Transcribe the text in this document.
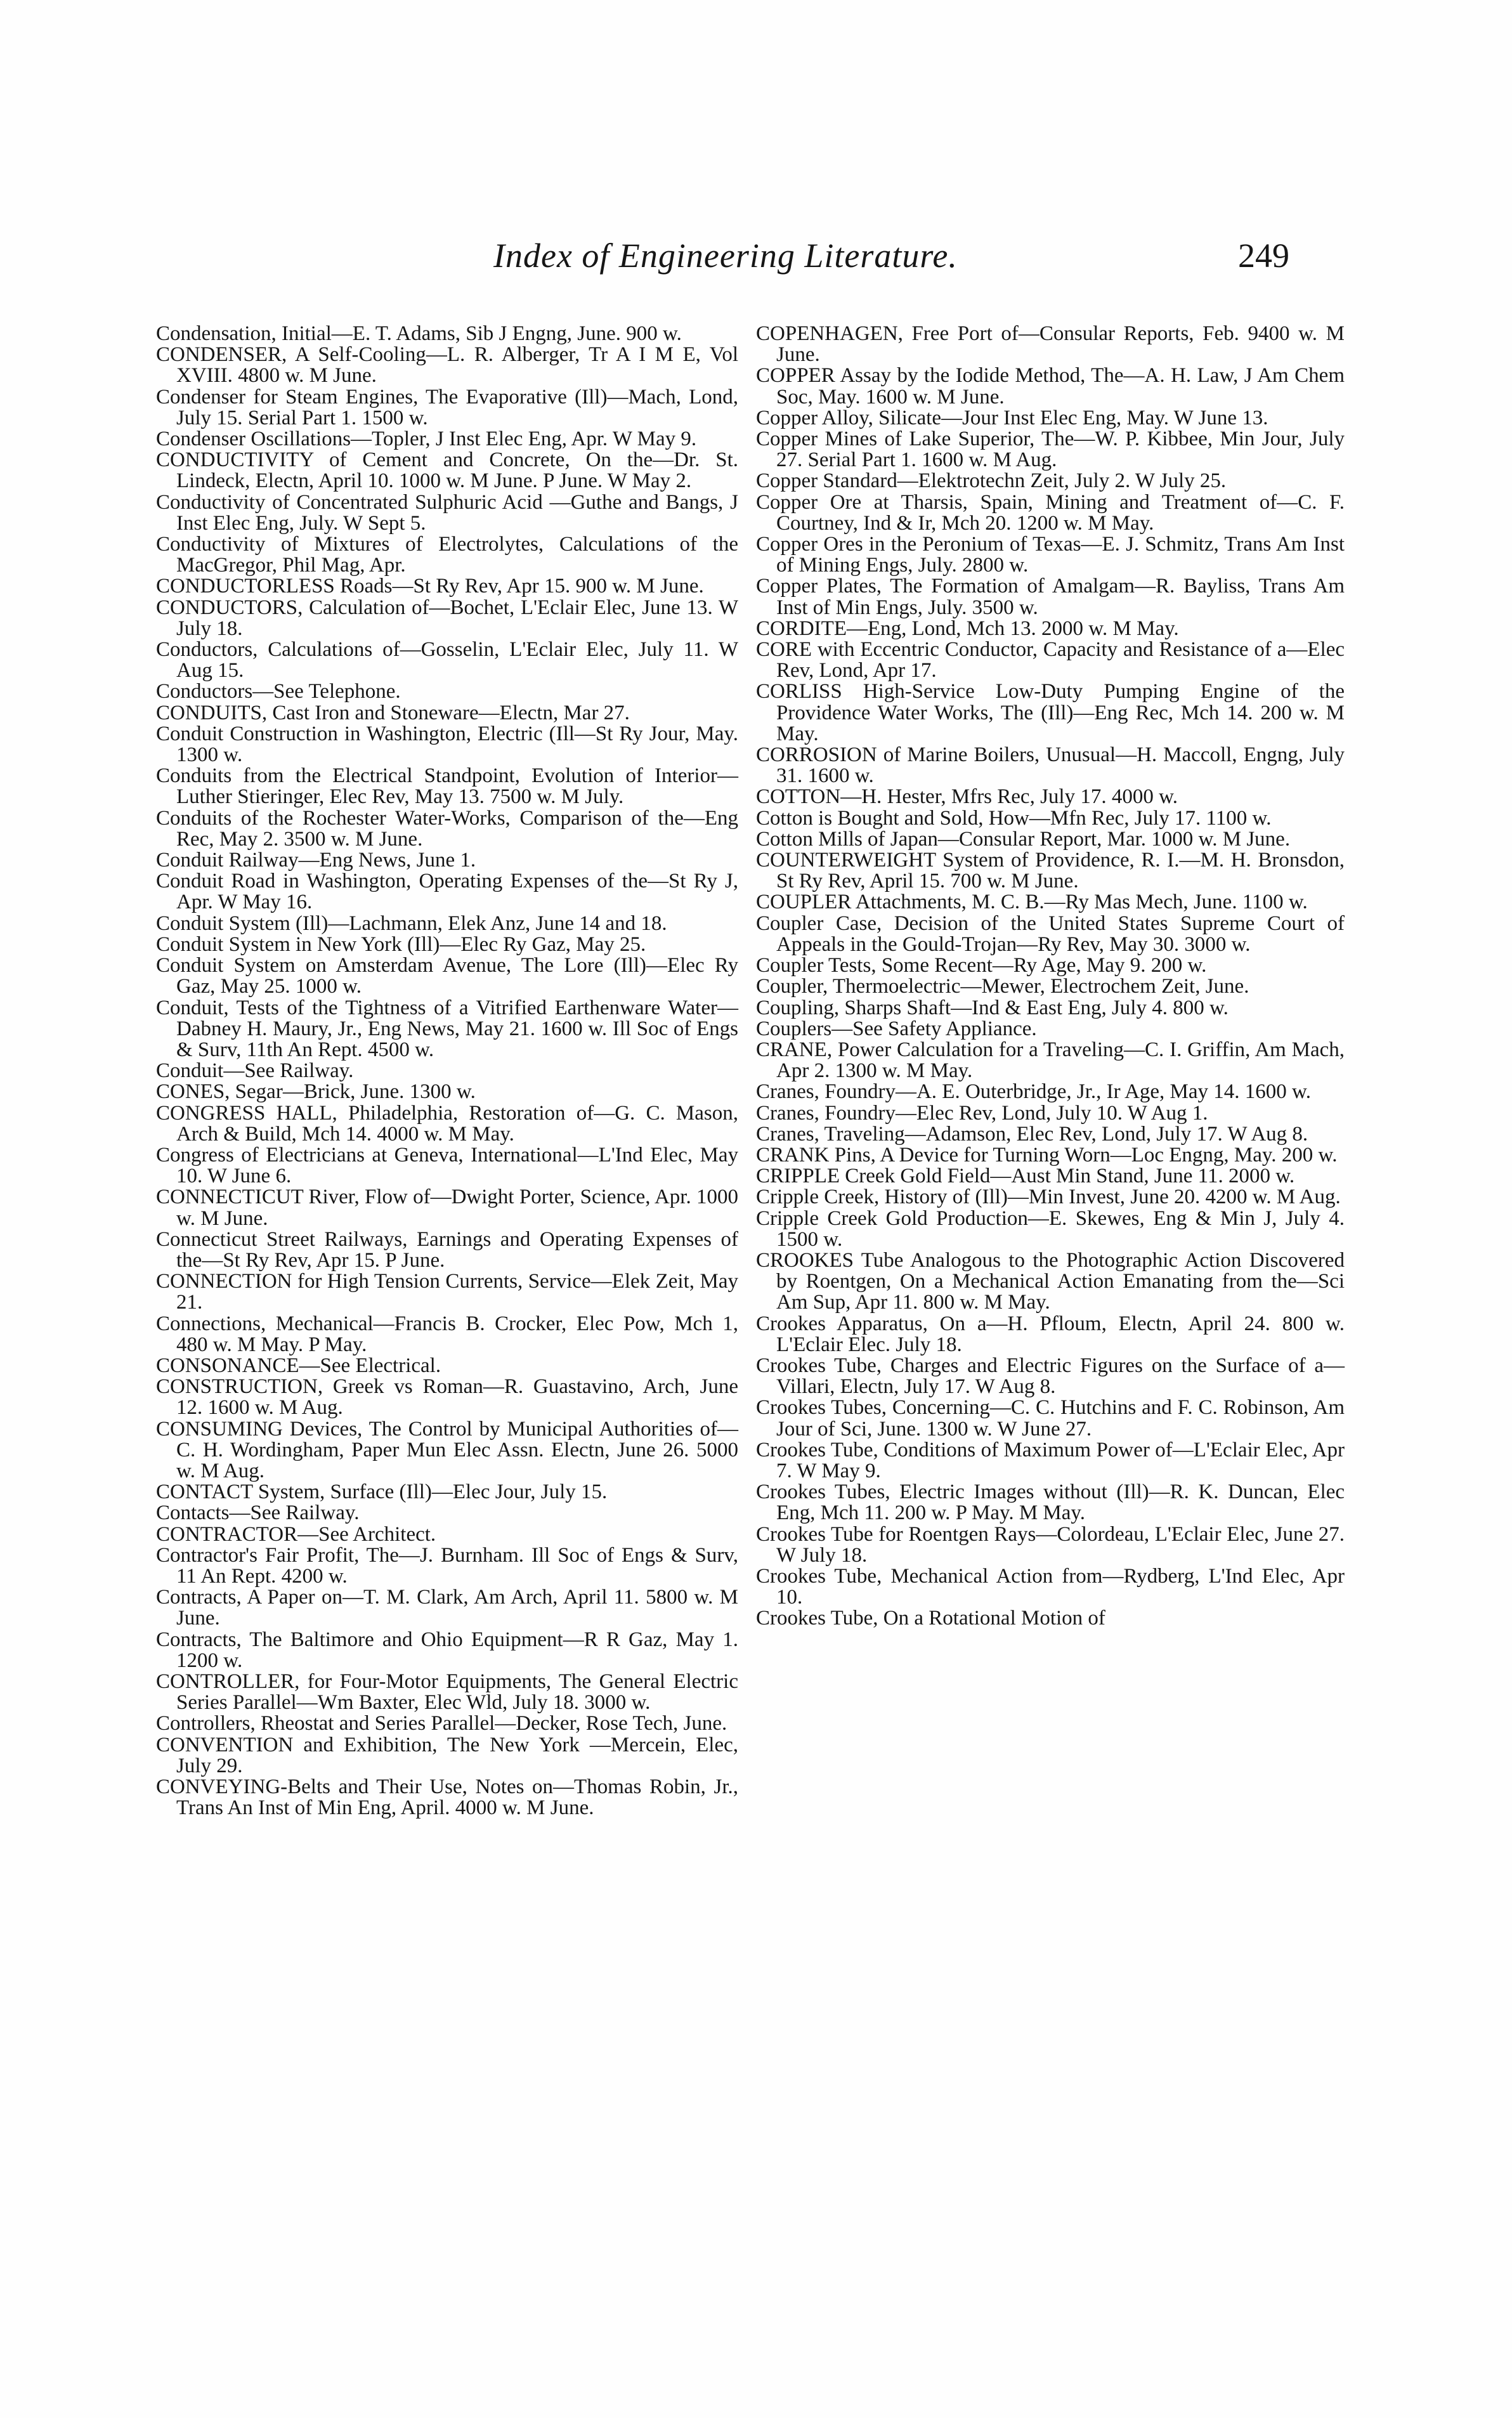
Index of Engineering Literature.	249

Condensation, Initial—E. T. Adams, Sib J Engng, June. 900 w.

CONDENSER, A Self-Cooling—L. R. Alberger, Tr A I M E, Vol XVIII. 4800 w. M June.

Condenser for Steam Engines, The Evaporative (Ill)—Mach, Lond, July 15. Serial Part 1. 1500 w.

Condenser Oscillations—Topler, J Inst Elec Eng, Apr. W May 9.

CONDUCTIVITY of Cement and Concrete, On the—Dr. St. Lindeck, Electn, April 10. 1000 w. M June. P June. W May 2.

Conductivity of Concentrated Sulphuric Acid —Guthe and Bangs, J Inst Elec Eng, July. W Sept 5.

Conductivity of Mixtures of Electrolytes, Calculations of the MacGregor, Phil Mag, Apr.

CONDUCTORLESS Roads—St Ry Rev, Apr 15. 900 w. M June.

CONDUCTORS, Calculation of—Bochet, L'Eclair Elec, June 13. W July 18.

Conductors, Calculations of—Gosselin, L'Eclair Elec, July 11. W Aug 15.

Conductors—See Telephone.

CONDUITS, Cast Iron and Stoneware—Electn, Mar 27.

Conduit Construction in Washington, Electric (Ill—St Ry Jour, May. 1300 w.

Conduits from the Electrical Standpoint, Evolution of Interior—Luther Stieringer, Elec Rev, May 13. 7500 w. M July.

Conduits of the Rochester Water-Works, Comparison of the—Eng Rec, May 2. 3500 w. M June.

Conduit Railway—Eng News, June 1.

Conduit Road in Washington, Operating Expenses of the—St Ry J, Apr. W May 16.

Conduit System (Ill)—Lachmann, Elek Anz, June 14 and 18.

Conduit System in New York (Ill)—Elec Ry Gaz, May 25.

Conduit System on Amsterdam Avenue, The Lore (Ill)—Elec Ry Gaz, May 25. 1000 w.

Conduit, Tests of the Tightness of a Vitrified Earthenware Water—Dabney H. Maury, Jr., Eng News, May 21. 1600 w. Ill Soc of Engs & Surv, 11th An Rept. 4500 w.

Conduit—See Railway.

CONES, Segar—Brick, June. 1300 w.

CONGRESS HALL, Philadelphia, Restoration of—G. C. Mason, Arch & Build, Mch 14. 4000 w. M May.

Congress of Electricians at Geneva, International—L'Ind Elec, May 10. W June 6.

CONNECTICUT River, Flow of—Dwight Porter, Science, Apr. 1000 w. M June.

Connecticut Street Railways, Earnings and Operating Expenses of the—St Ry Rev, Apr 15. P June.

CONNECTION for High Tension Currents, Service—Elek Zeit, May 21.

Connections, Mechanical—Francis B. Crocker, Elec Pow, Mch 1, 480 w. M May. P May.

CONSONANCE—See Electrical.

CONSTRUCTION, Greek vs Roman—R. Guastavino, Arch, June 12. 1600 w. M Aug.

CONSUMING Devices, The Control by Municipal Authorities of—C. H. Wordingham, Paper Mun Elec Assn. Electn, June 26. 5000 w. M Aug.

CONTACT System, Surface (Ill)—Elec Jour, July 15.

Contacts—See Railway.

CONTRACTOR—See Architect.

Contractor's Fair Profit, The—J. Burnham. Ill Soc of Engs & Surv, 11 An Rept. 4200 w.

Contracts, A Paper on—T. M. Clark, Am Arch, April 11. 5800 w. M June.

Contracts, The Baltimore and Ohio Equipment—R R Gaz, May 1. 1200 w.

CONTROLLER, for Four-Motor Equipments, The General Electric Series Parallel—Wm Baxter, Elec Wld, July 18. 3000 w.

Controllers, Rheostat and Series Parallel—Decker, Rose Tech, June.

CONVENTION and Exhibition, The New York —Mercein, Elec, July 29.

CONVEYING-Belts and Their Use, Notes on—Thomas Robin, Jr., Trans An Inst of Min Eng, April. 4000 w. M June.

COPENHAGEN, Free Port of—Consular Reports, Feb. 9400 w. M June.

COPPER Assay by the Iodide Method, The—A. H. Law, J Am Chem Soc, May. 1600 w. M June.

Copper Alloy, Silicate—Jour Inst Elec Eng, May. W June 13.

Copper Mines of Lake Superior, The—W. P. Kibbee, Min Jour, July 27. Serial Part 1. 1600 w. M Aug.

Copper Standard—Elektrotechn Zeit, July 2. W July 25.

Copper Ore at Tharsis, Spain, Mining and Treatment of—C. F. Courtney, Ind & Ir, Mch 20. 1200 w. M May.

Copper Ores in the Peronium of Texas—E. J. Schmitz, Trans Am Inst of Mining Engs, July. 2800 w.

Copper Plates, The Formation of Amalgam—R. Bayliss, Trans Am Inst of Min Engs, July. 3500 w.

CORDITE—Eng, Lond, Mch 13. 2000 w. M May.

CORE with Eccentric Conductor, Capacity and Resistance of a—Elec Rev, Lond, Apr 17.

CORLISS High-Service Low-Duty Pumping Engine of the Providence Water Works, The (Ill)—Eng Rec, Mch 14. 200 w. M May.

CORROSION of Marine Boilers, Unusual—H. Maccoll, Engng, July 31. 1600 w.

COTTON—H. Hester, Mfrs Rec, July 17. 4000 w.

Cotton is Bought and Sold, How—Mfn Rec, July 17. 1100 w.

Cotton Mills of Japan—Consular Report, Mar. 1000 w. M June.

COUNTERWEIGHT System of Providence, R. I.—M. H. Bronsdon, St Ry Rev, April 15. 700 w. M June.

COUPLER Attachments, M. C. B.—Ry Mas Mech, June. 1100 w.

Coupler Case, Decision of the United States Supreme Court of Appeals in the Gould-Trojan—Ry Rev, May 30. 3000 w.

Coupler Tests, Some Recent—Ry Age, May 9. 200 w.

Coupler, Thermoelectric—Mewer, Electrochem Zeit, June.

Coupling, Sharps Shaft—Ind & East Eng, July 4. 800 w.

Couplers—See Safety Appliance.

CRANE, Power Calculation for a Traveling—C. I. Griffin, Am Mach, Apr 2. 1300 w. M May.

Cranes, Foundry—A. E. Outerbridge, Jr., Ir Age, May 14. 1600 w.

Cranes, Foundry—Elec Rev, Lond, July 10. W Aug 1.

Cranes, Traveling—Adamson, Elec Rev, Lond, July 17. W Aug 8.

CRANK Pins, A Device for Turning Worn—Loc Engng, May. 200 w.

CRIPPLE Creek Gold Field—Aust Min Stand, June 11. 2000 w.

Cripple Creek, History of (Ill)—Min Invest, June 20. 4200 w. M Aug.

Cripple Creek Gold Production—E. Skewes, Eng & Min J, July 4. 1500 w.

CROOKES Tube Analogous to the Photographic Action Discovered by Roentgen, On a Mechanical Action Emanating from the—Sci Am Sup, Apr 11. 800 w. M May.

Crookes Apparatus, On a—H. Pfloum, Electn, April 24. 800 w. L'Eclair Elec. July 18.

Crookes Tube, Charges and Electric Figures on the Surface of a—Villari, Electn, July 17. W Aug 8.

Crookes Tubes, Concerning—C. C. Hutchins and F. C. Robinson, Am Jour of Sci, June. 1300 w. W June 27.

Crookes Tube, Conditions of Maximum Power of—L'Eclair Elec, Apr 7. W May 9.

Crookes Tubes, Electric Images without (Ill)—R. K. Duncan, Elec Eng, Mch 11. 200 w. P May. M May.

Crookes Tube for Roentgen Rays—Colordeau, L'Eclair Elec, June 27. W July 18.

Crookes Tube, Mechanical Action from—Rydberg, L'Ind Elec, Apr 10.

Crookes Tube, On a Rotational Motion of
